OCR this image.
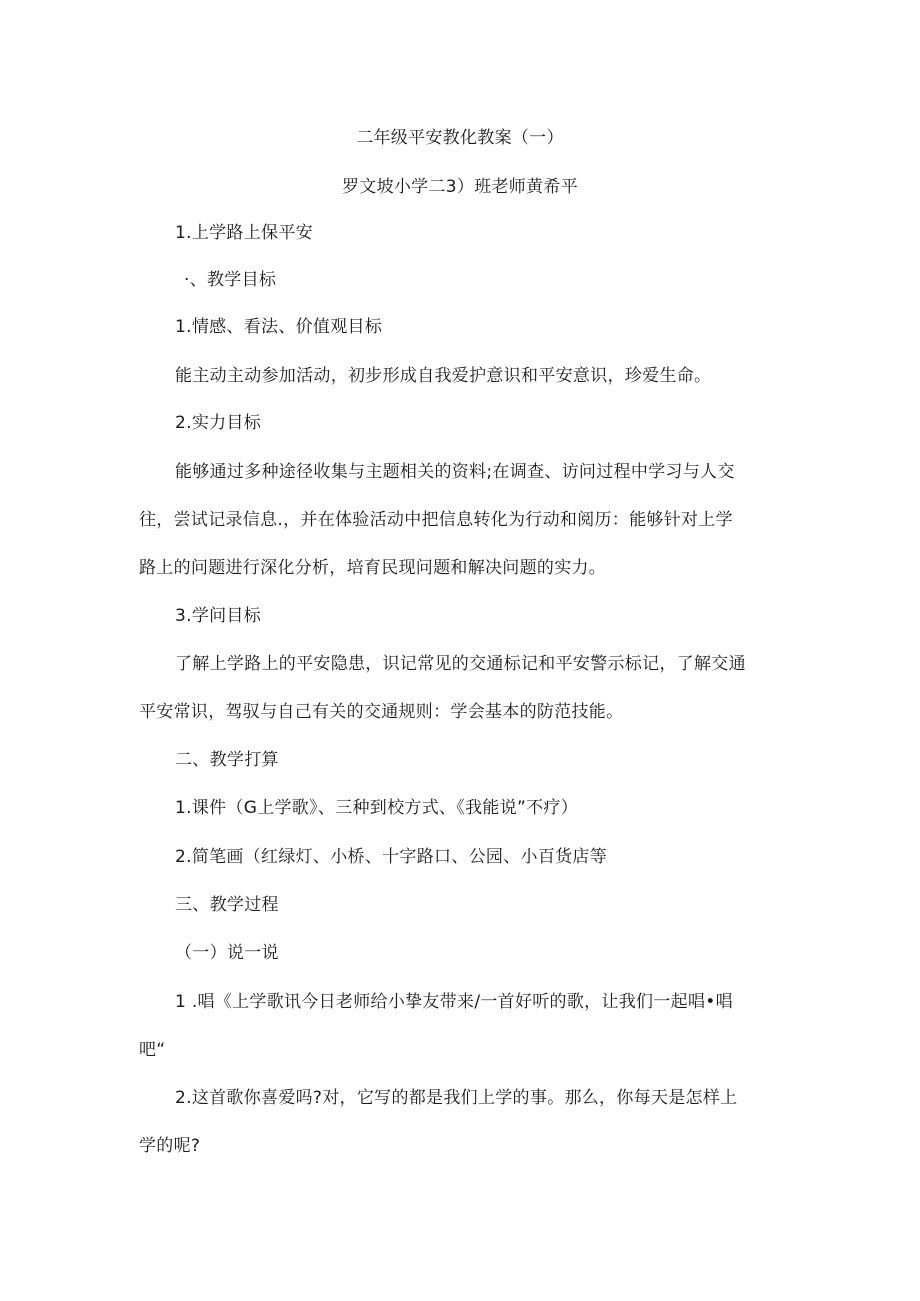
二年级平安教化教案（一）
罗文坡小学二3）班老师黄希平
1.上学路上保平安
·、教学目标
1.情感、看法、价值观目标
能主动主动参加活动，初步形成自我爱护意识和平安意识，珍爱生命。
2.实力目标
能够通过多种途径收集与主题相关的资料;在调查、访问过程中学习与人交
往，尝试记录信息.，并在体验活动中把信息转化为行动和阅历：能够针对上学
路上的问题进行深化分析，培育民现问题和解决问题的实力。
3.学问目标
了解上学路上的平安隐患，识记常见的交通标记和平安警示标记，了解交通
平安常识，驾驭与自己有关的交通规则：学会基本的防范技能。
二、教学打算
1.课件（G上学歌》、三种到校方式、《我能说”不疗）
2.简笔画（红绿灯、小桥、十字路口、公园、小百货店等
三、教学过程
（一）说一说
1 .唱《上学歌讯今日老师给小挚友带来/一首好听的歌，让我们一起唱•唱
吧“
2.这首歌你喜爱吗?对，它写的都是我们上学的事。那么，你每天是怎样上
学的呢?
